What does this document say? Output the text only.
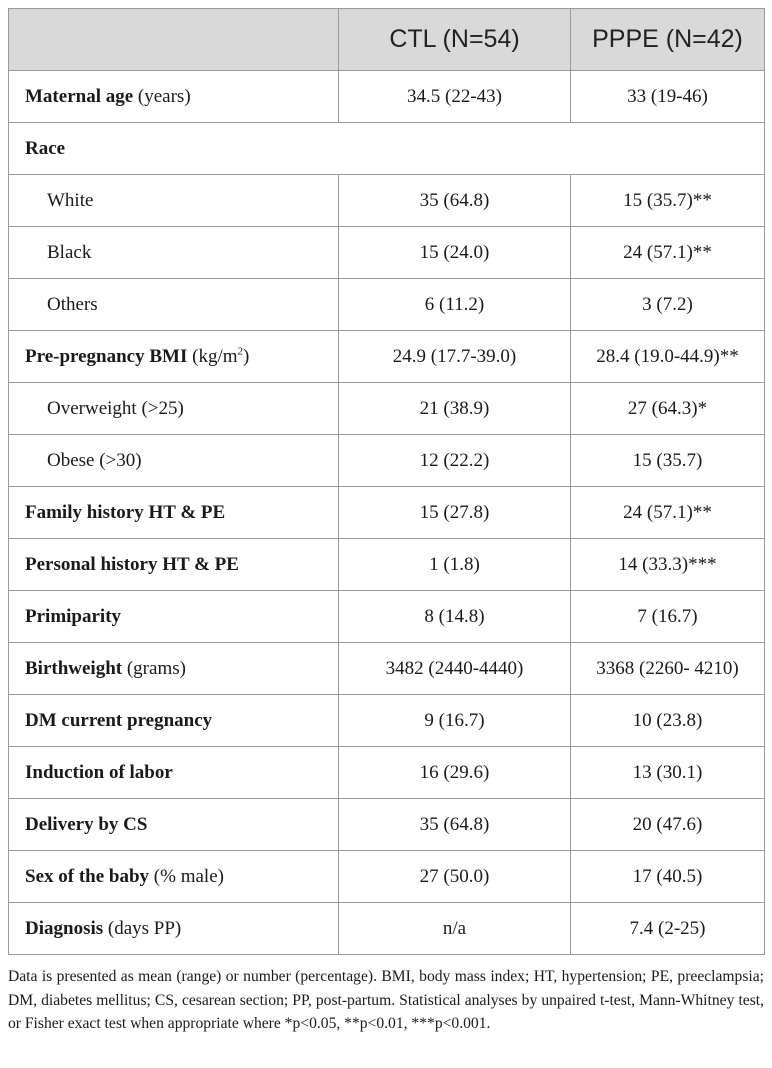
	CTL (N=54)	PPPE (N=42)
Maternal age (years)	34.5 (22-43)	33 (19-46)
Race		
White	35 (64.8)	15 (35.7)**
Black	15 (24.0)	24 (57.1)**
Others	6 (11.2)	3 (7.2)
Pre-pregnancy BMI $(kg/m^2)$	24.9 (17.7-39.0)	28.4 (19.0-44.9)**
Overweight (>25)	21 (38.9)	27 (64.3)*
Obese (>30)	12 (22.2)	15 (35.7)
Family history HT & PE	15 (27.8)	24 (57.1)**
Personal history HT & PE	1 (1.8)	14 (33.3)***
Primiparity	8 (14.8)	7 (16.7)
Birthweight (grams)	3482 (2440-4440)	3368 (2260- 4210)
DM current pregnancy	9 (16.7)	10 (23.8)
Induction of labor	16 (29.6)	13 (30.1)
Delivery by CS	35 (64.8)	20 (47.6)
Sex of the baby (% male)	27 (50.0)	17 (40.5)
Diagnosis (days PP)	n/a	7.4 (2-25)

Data is presented as mean (range) or number (percentage). BMI, body mass index; HT, hypertension; PE, preeclampsia; DM, diabetes mellitus; CS, cesarean section; PP, post-partum. Statistical analyses by unpaired t-test, Mann-Whitney test, or Fisher exact test when appropriate where *p<0.05, **p<0.01, ***p<0.001.
